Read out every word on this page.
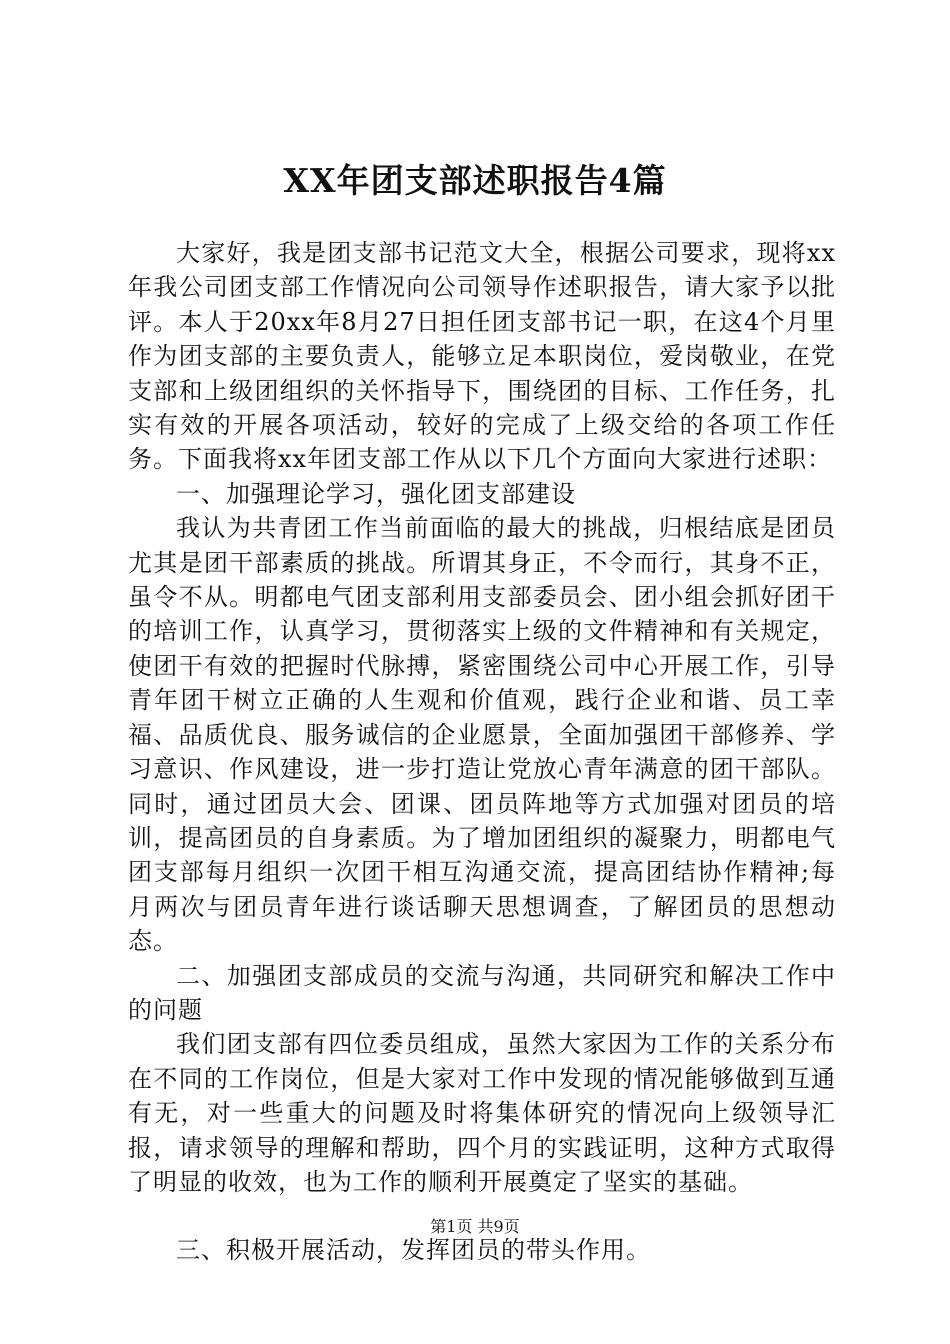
XX年团支部述职报告4篇

大家好，我是团支部书记范文大全，根据公司要求，现将xx年我公司团支部工作情况向公司领导作述职报告，请大家予以批评。本人于20xx年8月27日担任团支部书记一职，在这4个月里作为团支部的主要负责人，能够立足本职岗位，爱岗敬业，在党支部和上级团组织的关怀指导下，围绕团的目标、工作任务，扎实有效的开展各项活动，较好的完成了上级交给的各项工作任务。下面我将xx年团支部工作从以下几个方面向大家进行述职：

一、加强理论学习，强化团支部建设

我认为共青团工作当前面临的最大的挑战，归根结底是团员尤其是团干部素质的挑战。所谓其身正，不令而行，其身不正，虽令不从。明都电气团支部利用支部委员会、团小组会抓好团干的培训工作，认真学习，贯彻落实上级的文件精神和有关规定，使团干有效的把握时代脉搏，紧密围绕公司中心开展工作，引导青年团干树立正确的人生观和价值观，践行企业和谐、员工幸福、品质优良、服务诚信的企业愿景，全面加强团干部修养、学习意识、作风建设，进一步打造让党放心青年满意的团干部队。同时，通过团员大会、团课、团员阵地等方式加强对团员的培训，提高团员的自身素质。为了增加团组织的凝聚力，明都电气团支部每月组织一次团干相互沟通交流，提高团结协作精神;每月两次与团员青年进行谈话聊天思想调查，了解团员的思想动态。

二、加强团支部成员的交流与沟通，共同研究和解决工作中的问题

我们团支部有四位委员组成，虽然大家因为工作的关系分布在不同的工作岗位，但是大家对工作中发现的情况能够做到互通有无，对一些重大的问题及时将集体研究的情况向上级领导汇报，请求领导的理解和帮助，四个月的实践证明，这种方式取得了明显的收效，也为工作的顺利开展奠定了坚实的基础。

三、积极开展活动，发挥团员的带头作用。

第1页 共9页
